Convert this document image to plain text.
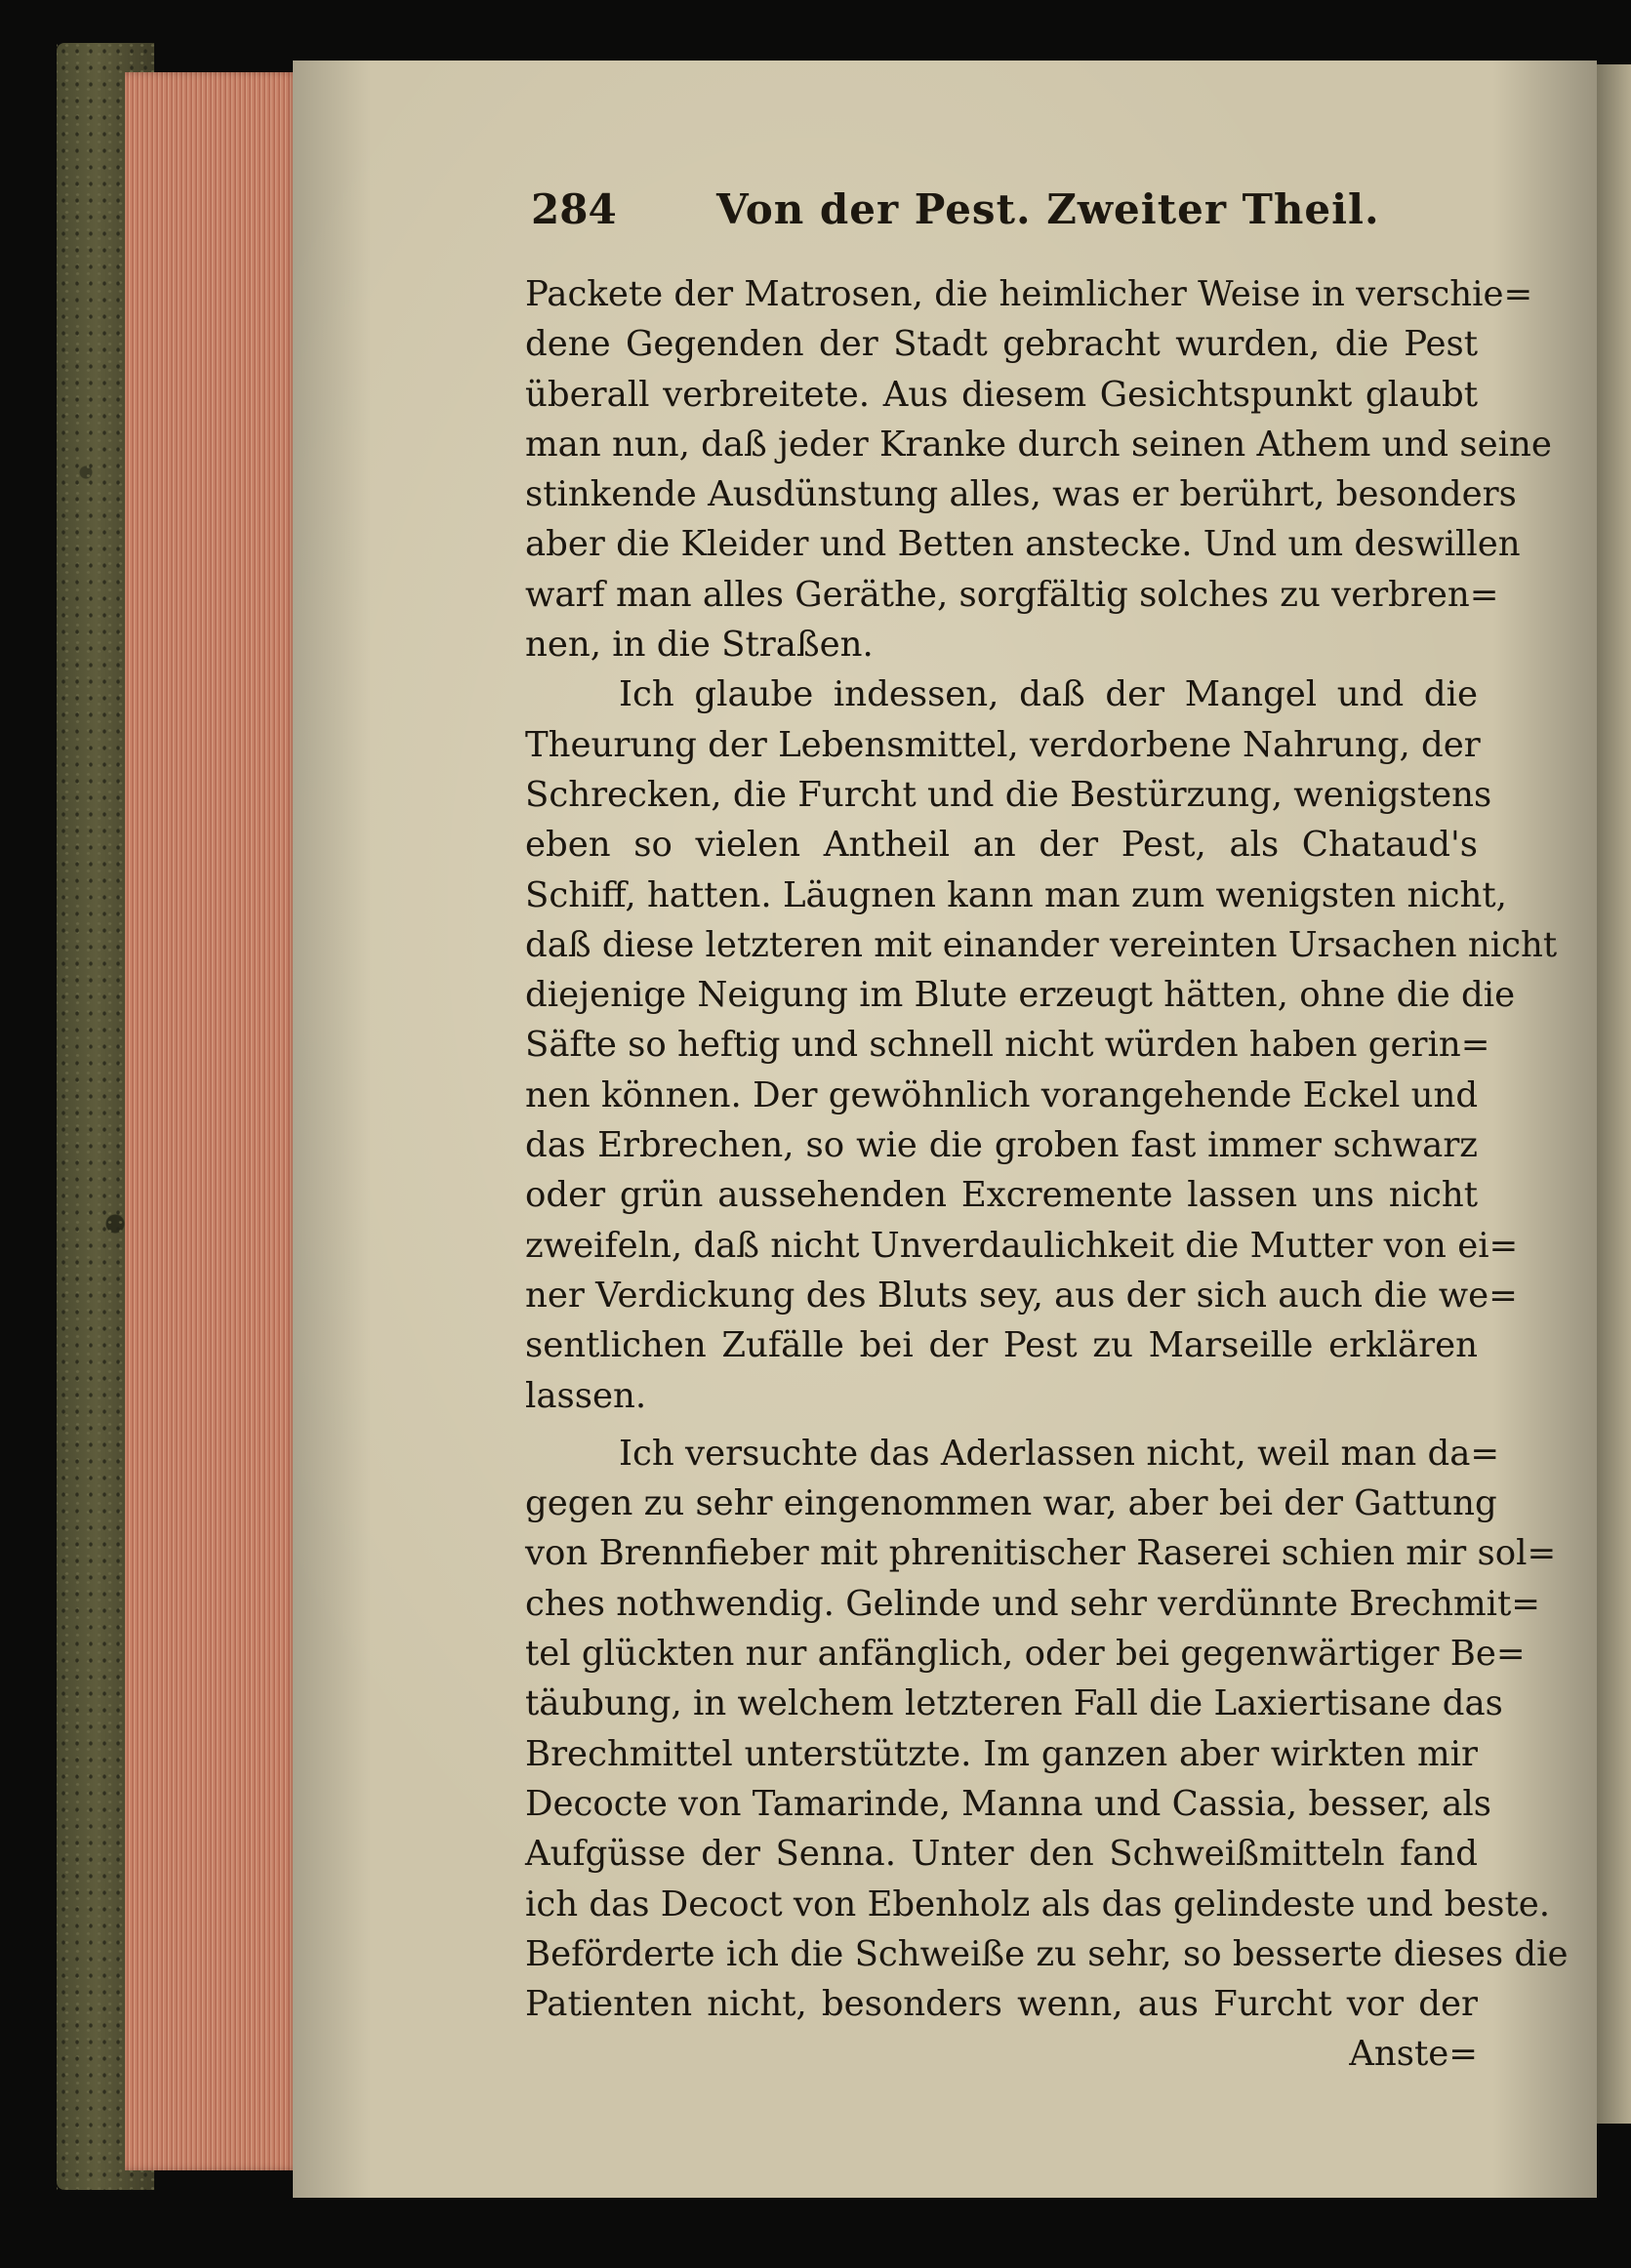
284 Von der Pest. Zweiter Theil.
Packete der Matrosen, die heimlicher Weise in verschie=
dene Gegenden der Stadt gebracht wurden, die Pest
überall verbreitete. Aus diesem Gesichtspunkt glaubt
man nun, daß jeder Kranke durch seinen Athem und seine
stinkende Ausdünstung alles, was er berührt, besonders
aber die Kleider und Betten anstecke. Und um deswillen
warf man alles Geräthe, sorgfältig solches zu verbren=
nen, in die Straßen.
Ich glaube indessen, daß der Mangel und die
Theurung der Lebensmittel, verdorbene Nahrung, der
Schrecken, die Furcht und die Bestürzung, wenigstens
eben so vielen Antheil an der Pest, als Chataud's
Schiff, hatten. Läugnen kann man zum wenigsten nicht,
daß diese letzteren mit einander vereinten Ursachen nicht
diejenige Neigung im Blute erzeugt hätten, ohne die die
Säfte so heftig und schnell nicht würden haben gerin=
nen können. Der gewöhnlich vorangehende Eckel und
das Erbrechen, so wie die groben fast immer schwarz
oder grün aussehenden Excremente lassen uns nicht
zweifeln, daß nicht Unverdaulichkeit die Mutter von ei=
ner Verdickung des Bluts sey, aus der sich auch die we=
sentlichen Zufälle bei der Pest zu Marseille erklären
lassen.
Ich versuchte das Aderlassen nicht, weil man da=
gegen zu sehr eingenommen war, aber bei der Gattung
von Brennfieber mit phrenitischer Raserei schien mir sol=
ches nothwendig. Gelinde und sehr verdünnte Brechmit=
tel glückten nur anfänglich, oder bei gegenwärtiger Be=
täubung, in welchem letzteren Fall die Laxiertisane das
Brechmittel unterstützte. Im ganzen aber wirkten mir
Decocte von Tamarinde, Manna und Cassia, besser, als
Aufgüsse der Senna. Unter den Schweißmitteln fand
ich das Decoct von Ebenholz als das gelindeste und beste.
Beförderte ich die Schweiße zu sehr, so besserte dieses die
Patienten nicht, besonders wenn, aus Furcht vor der
Anste=
